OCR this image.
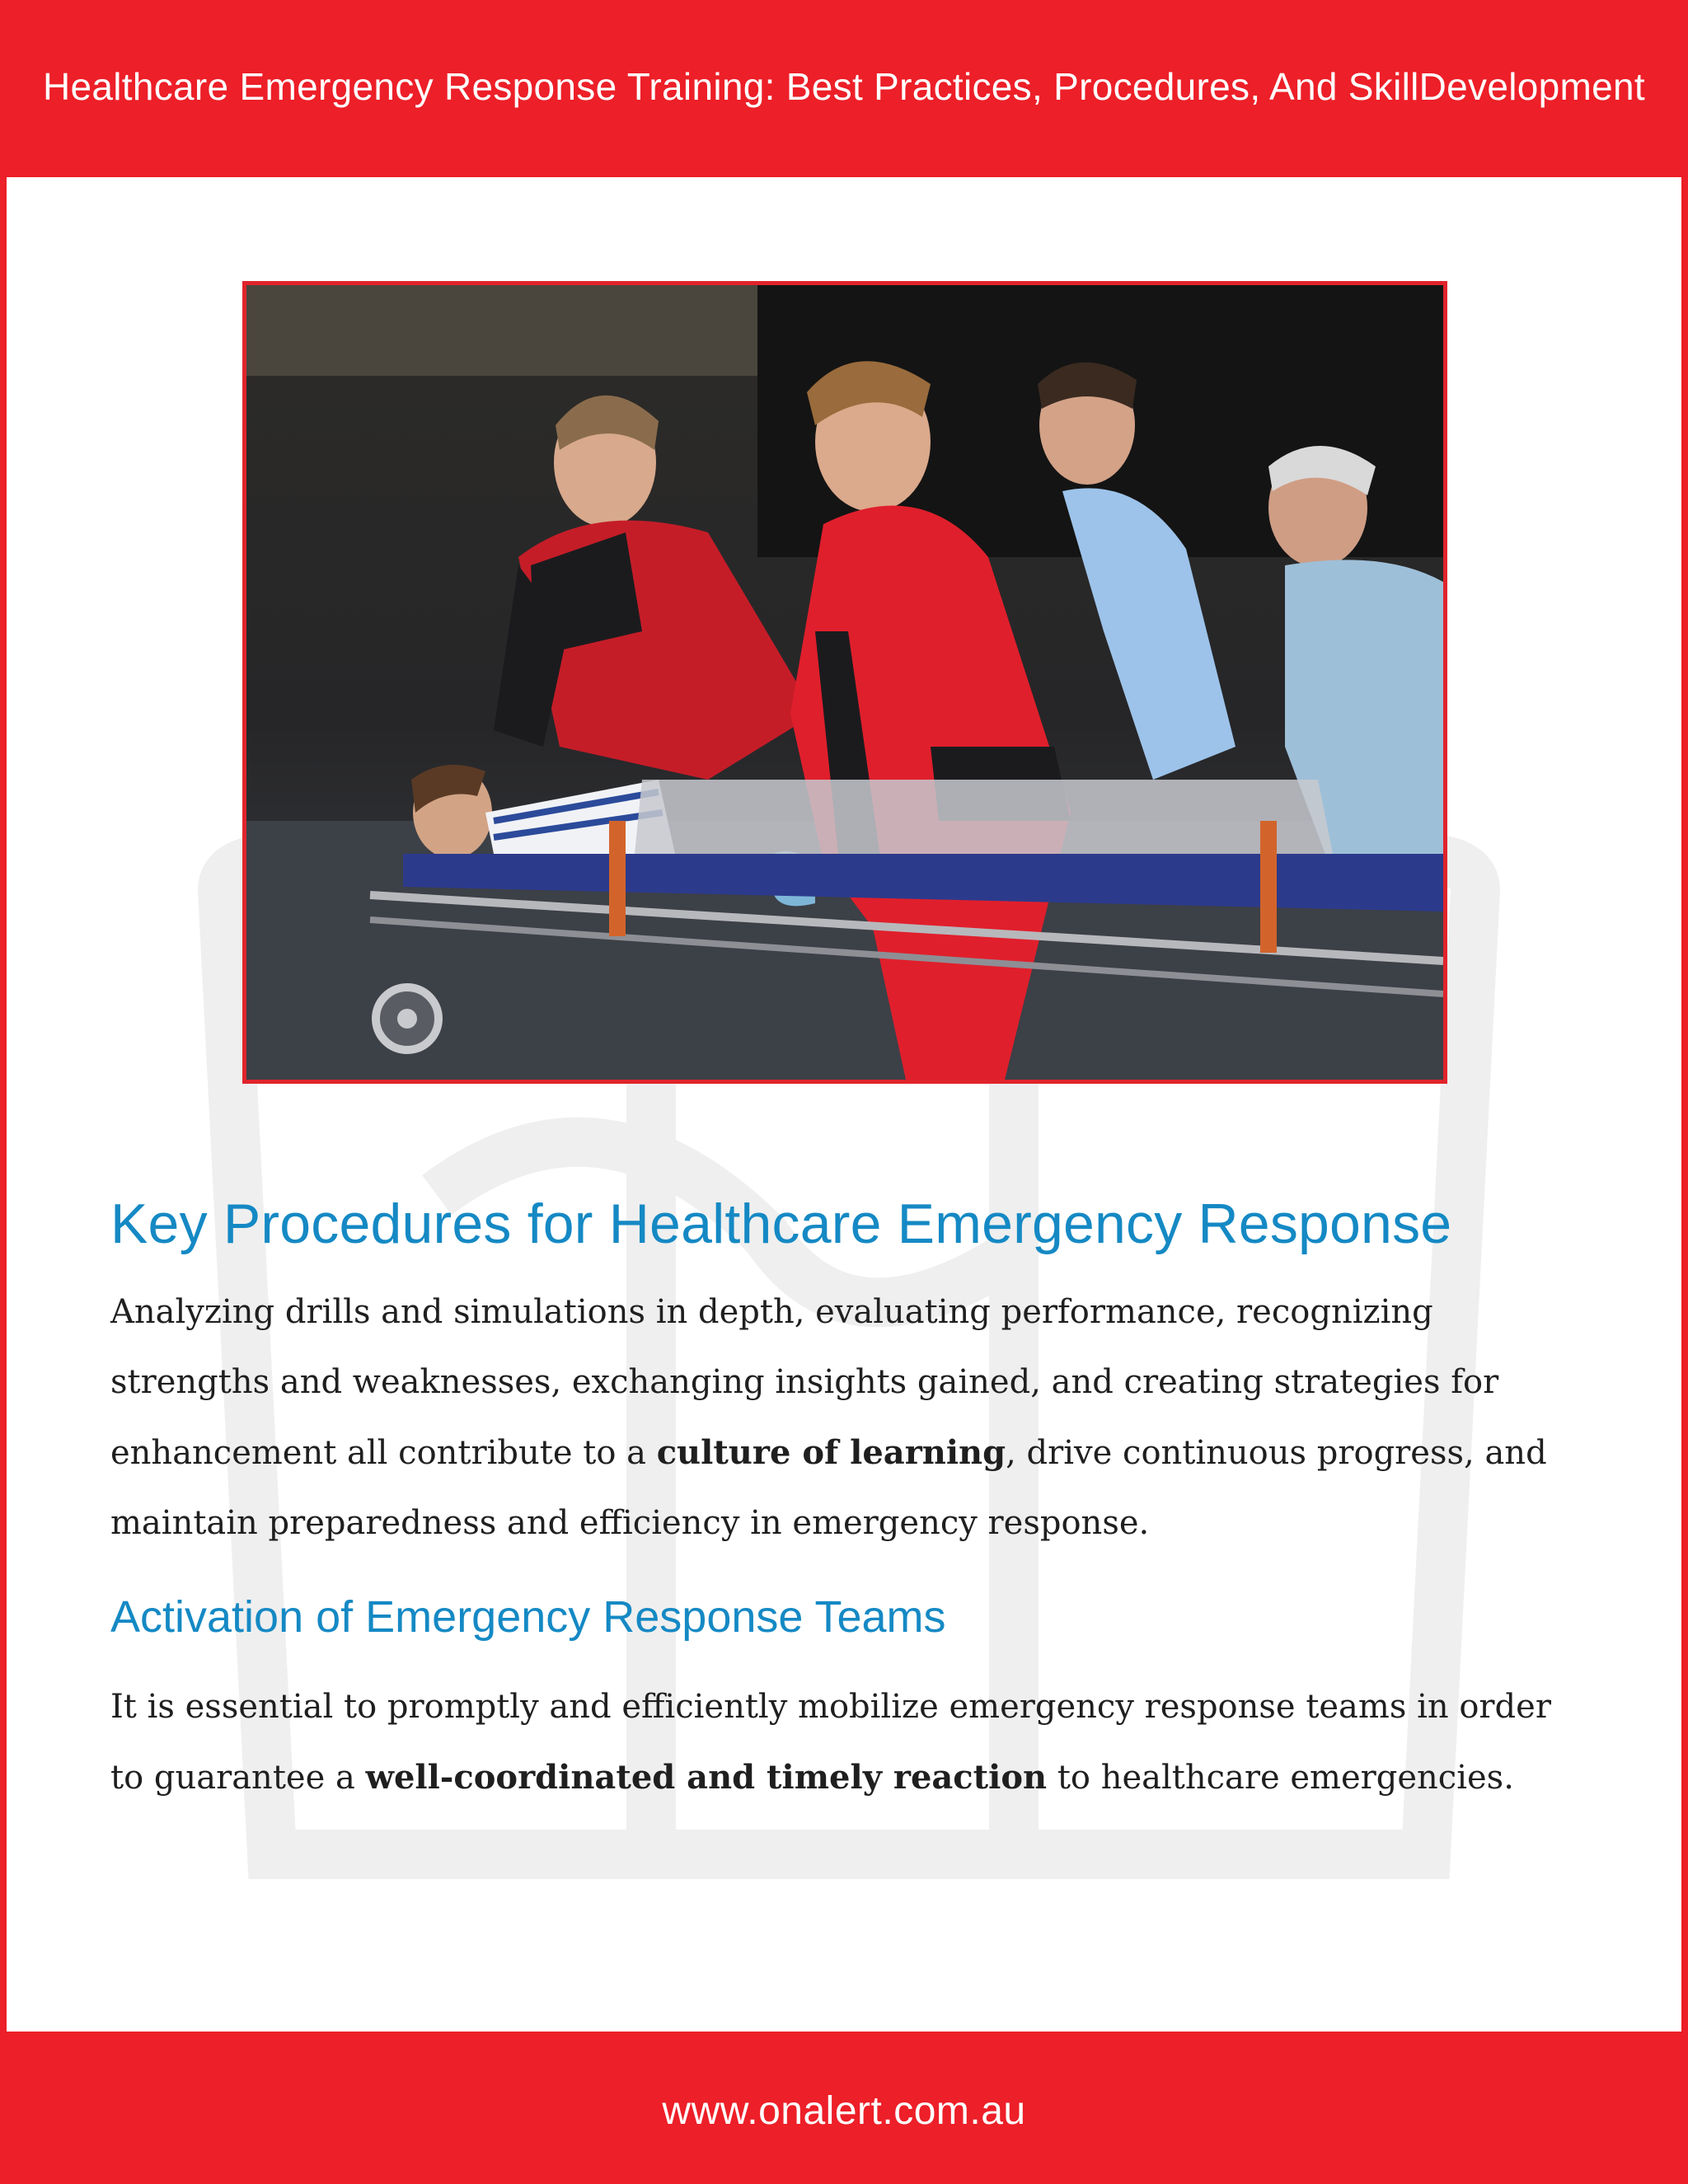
Healthcare Emergency Response Training: Best Practices, Procedures, And SkillDevelopment
Key Procedures for Healthcare Emergency Response

Analyzing drills and simulations in depth, evaluating performance, recognizing strengths and weaknesses, exchanging insights gained, and creating strategies for enhancement all contribute to a culture of learning, drive continuous progress, and maintain preparedness and efficiency in emergency response.

Activation of Emergency Response Teams

It is essential to promptly and efficiently mobilize emergency response teams in order to guarantee a well-coordinated and timely reaction to healthcare emergencies.

www.onalert.com.au
